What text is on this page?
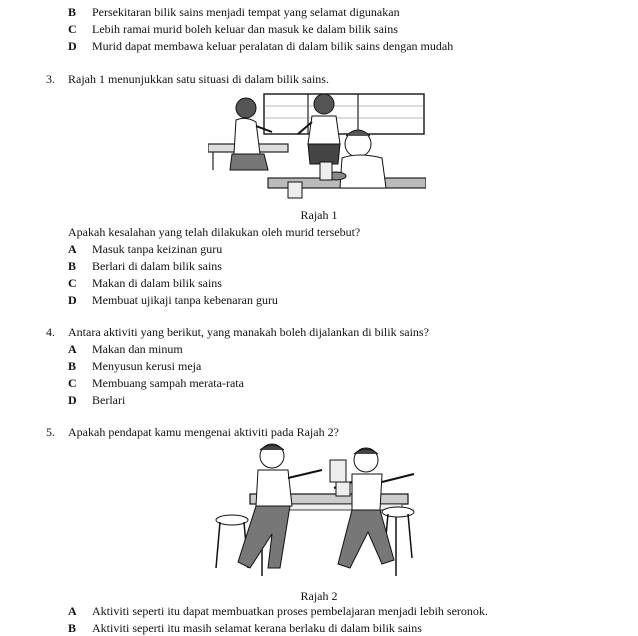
B Persekitaran bilik sains menjadi tempat yang selamat digunakan
C Lebih ramai murid boleh keluar dan masuk ke dalam bilik sains
D Murid dapat membawa keluar peralatan di dalam bilik sains dengan mudah
3. Rajah 1 menunjukkan satu situasi di dalam bilik sains.
Rajah 1
Apakah kesalahan yang telah dilakukan oleh murid tersebut?
A Masuk tanpa keizinan guru
B Berlari di dalam bilik sains
C Makan di dalam bilik sains
D Membuat ujikaji tanpa kebenaran guru
4. Antara aktiviti yang berikut, yang manakah boleh dijalankan di bilik sains?
A Makan dan minum
B Menyusun kerusi meja
C Membuang sampah merata-rata
D Berlari
5. Apakah pendapat kamu mengenai aktiviti pada Rajah 2?
Rajah 2
A Aktiviti seperti itu dapat membuatkan proses pembelajaran menjadi lebih seronok.
B Aktiviti seperti itu masih selamat kerana berlaku di dalam bilik sains
